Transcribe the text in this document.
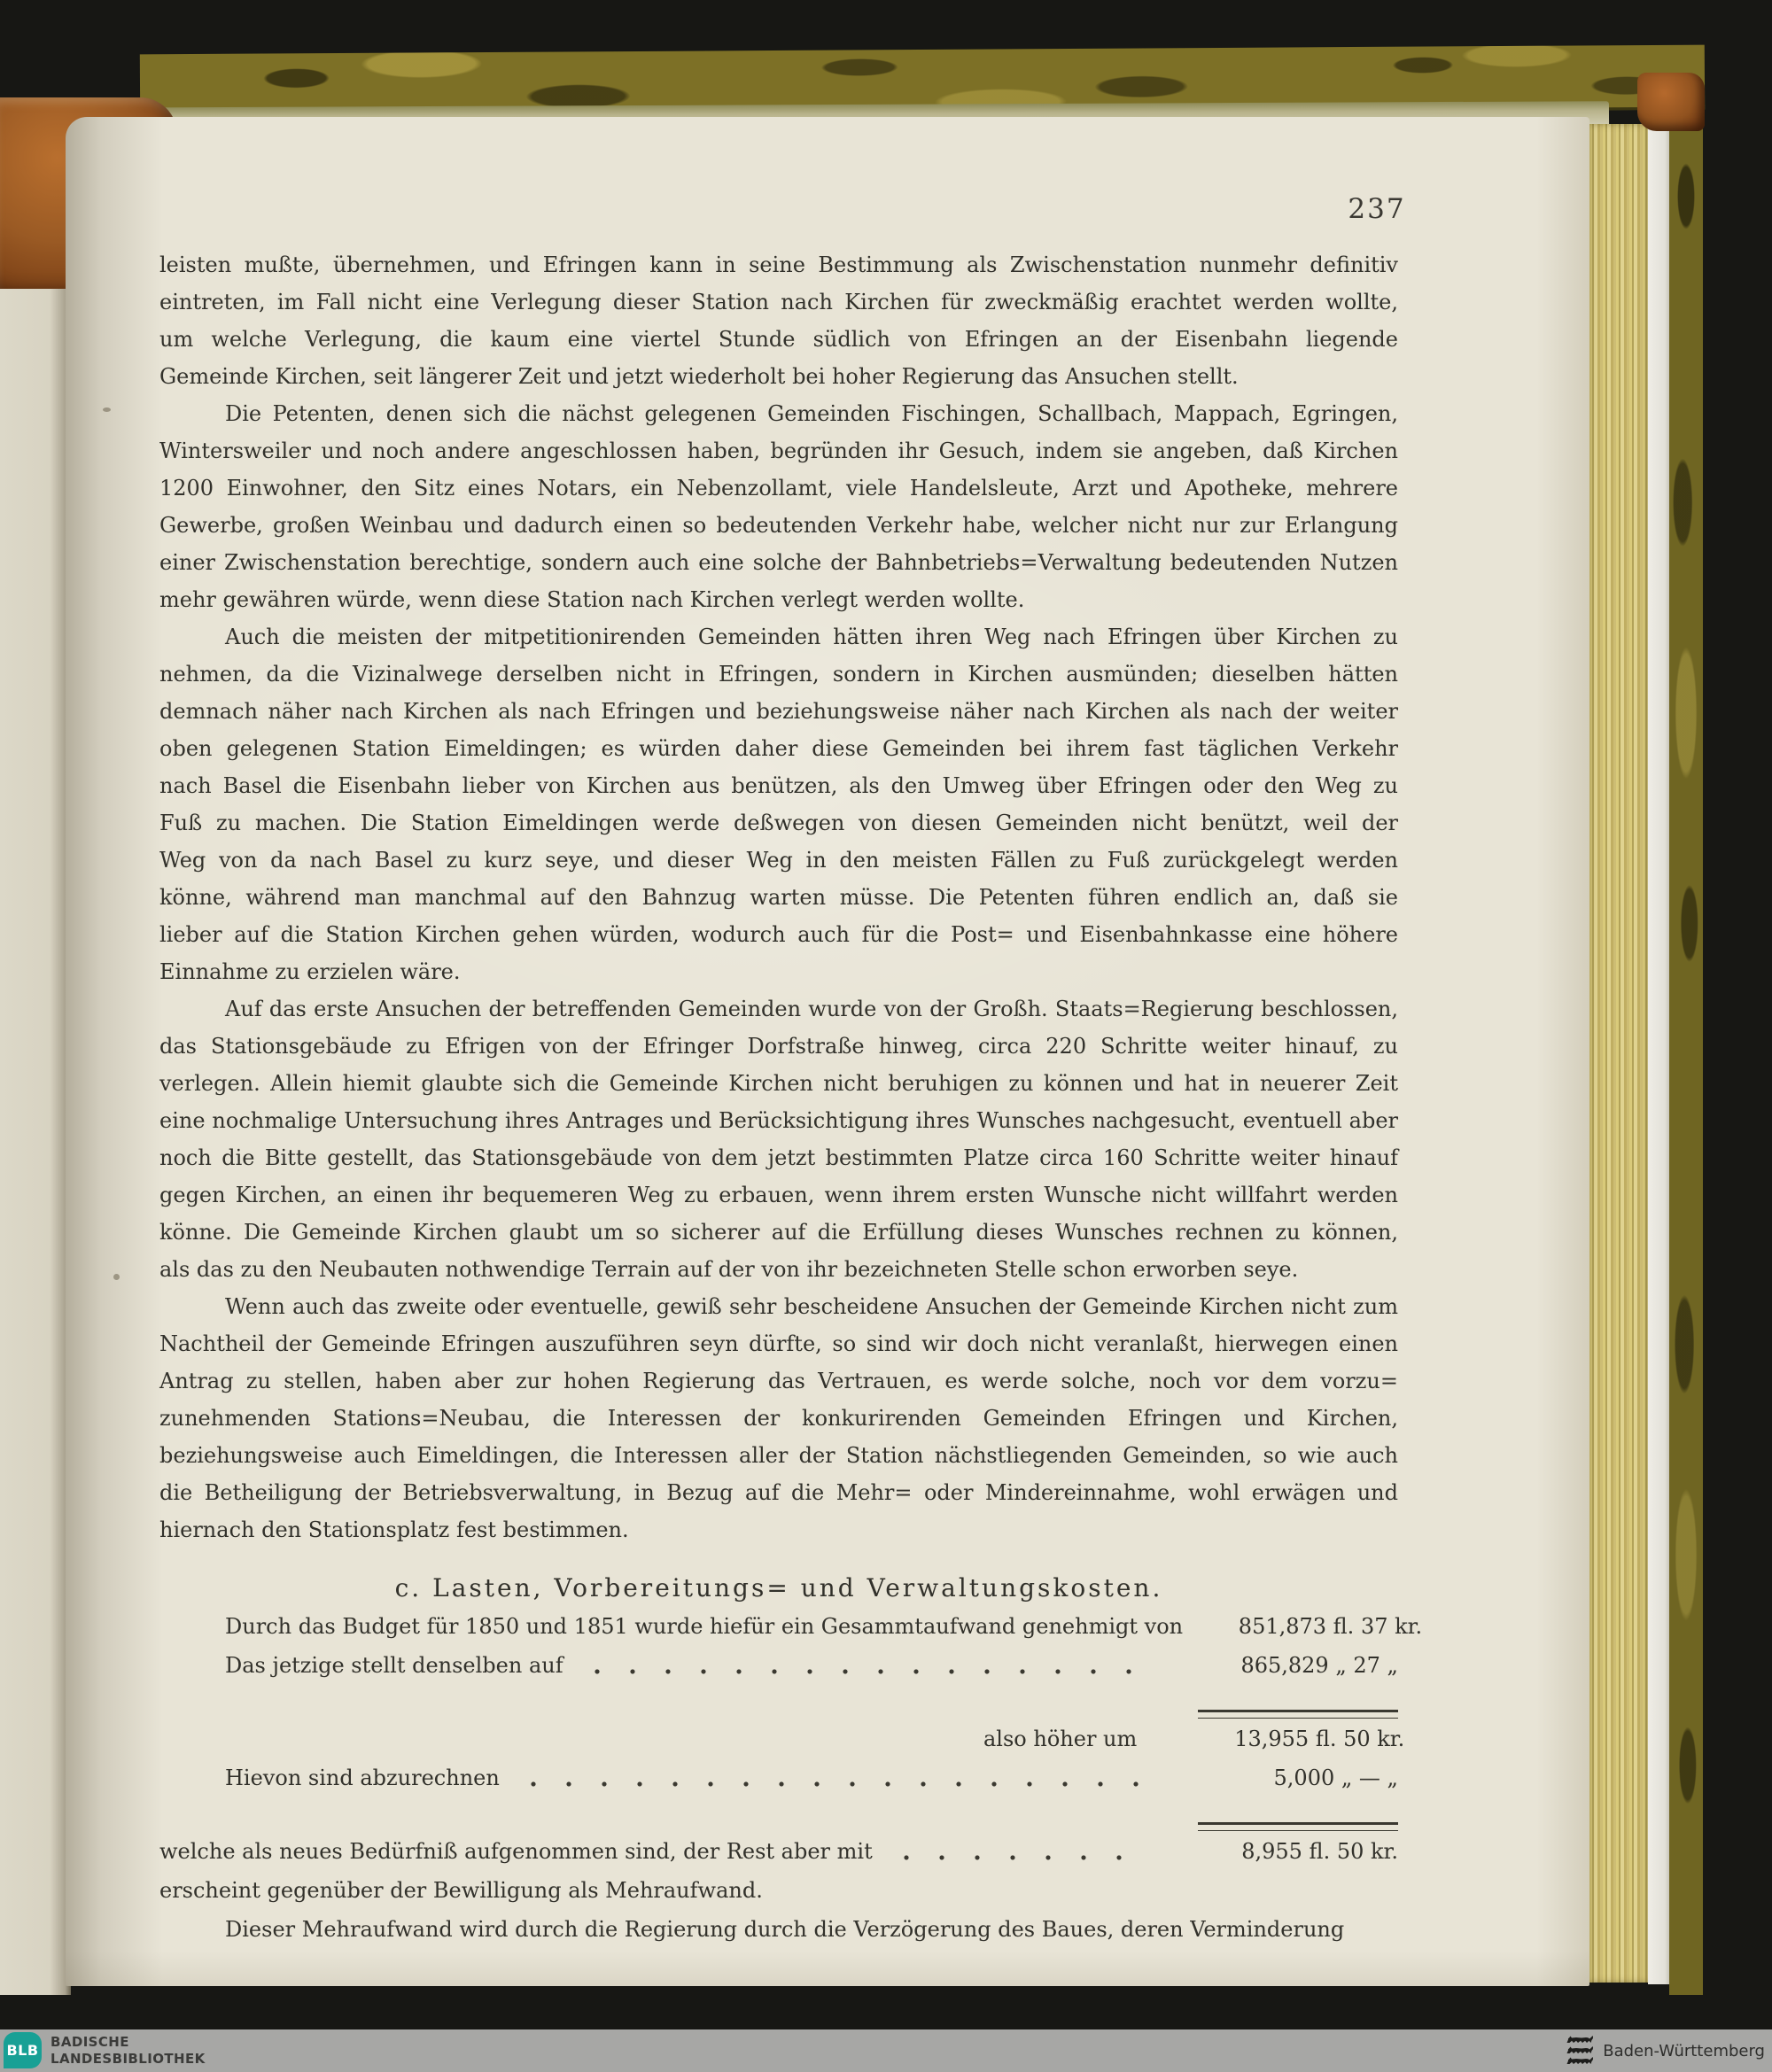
237
leisten mußte, übernehmen, und Efringen kann in seine Bestimmung als Zwischenstation nunmehr definitiv
eintreten, im Fall nicht eine Verlegung dieser Station nach Kirchen für zweckmäßig erachtet werden wollte,
um welche Verlegung, die kaum eine viertel Stunde südlich von Efringen an der Eisenbahn liegende
Gemeinde Kirchen, seit längerer Zeit und jetzt wiederholt bei hoher Regierung das Ansuchen stellt.
Die Petenten, denen sich die nächst gelegenen Gemeinden Fischingen, Schallbach, Mappach, Egringen,
Wintersweiler und noch andere angeschlossen haben, begründen ihr Gesuch, indem sie angeben, daß Kirchen
1200 Einwohner, den Sitz eines Notars, ein Nebenzollamt, viele Handelsleute, Arzt und Apotheke, mehrere
Gewerbe, großen Weinbau und dadurch einen so bedeutenden Verkehr habe, welcher nicht nur zur Erlangung
einer Zwischenstation berechtige, sondern auch eine solche der Bahnbetriebs=Verwaltung bedeutenden Nutzen
mehr gewähren würde, wenn diese Station nach Kirchen verlegt werden wollte.
Auch die meisten der mitpetitionirenden Gemeinden hätten ihren Weg nach Efringen über Kirchen zu
nehmen, da die Vizinalwege derselben nicht in Efringen, sondern in Kirchen ausmünden; dieselben hätten
demnach näher nach Kirchen als nach Efringen und beziehungsweise näher nach Kirchen als nach der weiter
oben gelegenen Station Eimeldingen; es würden daher diese Gemeinden bei ihrem fast täglichen Verkehr
nach Basel die Eisenbahn lieber von Kirchen aus benützen, als den Umweg über Efringen oder den Weg zu
Fuß zu machen. Die Station Eimeldingen werde deßwegen von diesen Gemeinden nicht benützt, weil der
Weg von da nach Basel zu kurz seye, und dieser Weg in den meisten Fällen zu Fuß zurückgelegt werden
könne, während man manchmal auf den Bahnzug warten müsse. Die Petenten führen endlich an, daß sie
lieber auf die Station Kirchen gehen würden, wodurch auch für die Post= und Eisenbahnkasse eine höhere
Einnahme zu erzielen wäre.
Auf das erste Ansuchen der betreffenden Gemeinden wurde von der Großh. Staats=Regierung beschlossen,
das Stationsgebäude zu Efrigen von der Efringer Dorfstraße hinweg, circa 220 Schritte weiter hinauf, zu
verlegen. Allein hiemit glaubte sich die Gemeinde Kirchen nicht beruhigen zu können und hat in neuerer Zeit
eine nochmalige Untersuchung ihres Antrages und Berücksichtigung ihres Wunsches nachgesucht, eventuell aber
noch die Bitte gestellt, das Stationsgebäude von dem jetzt bestimmten Platze circa 160 Schritte weiter hinauf
gegen Kirchen, an einen ihr bequemeren Weg zu erbauen, wenn ihrem ersten Wunsche nicht willfahrt werden
könne. Die Gemeinde Kirchen glaubt um so sicherer auf die Erfüllung dieses Wunsches rechnen zu können,
als das zu den Neubauten nothwendige Terrain auf der von ihr bezeichneten Stelle schon erworben seye.
Wenn auch das zweite oder eventuelle, gewiß sehr bescheidene Ansuchen der Gemeinde Kirchen nicht zum
Nachtheil der Gemeinde Efringen auszuführen seyn dürfte, so sind wir doch nicht veranlaßt, hierwegen einen
Antrag zu stellen, haben aber zur hohen Regierung das Vertrauen, es werde solche, noch vor dem vorzu=
zunehmenden Stations=Neubau, die Interessen der konkurirenden Gemeinden Efringen und Kirchen,
beziehungsweise auch Eimeldingen, die Interessen aller der Station nächstliegenden Gemeinden, so wie auch
die Betheiligung der Betriebsverwaltung, in Bezug auf die Mehr= oder Mindereinnahme, wohl erwägen und
hiernach den Stationsplatz fest bestimmen.
c. Lasten, Vorbereitungs= und Verwaltungskosten.
Durch das Budget für 1850 und 1851 wurde hiefür ein Gesammtaufwand genehmigt von	851,873 fl. 37 kr.
Das jetzige stellt denselben auf	865,829 „ 27 „
also höher um	13,955 fl. 50 kr.
Hievon sind abzurechnen	5,000 „ — „
welche als neues Bedürfniß aufgenommen sind, der Rest aber mit	8,955 fl. 50 kr.
erscheint gegenüber der Bewilligung als Mehraufwand.
Dieser Mehraufwand wird durch die Regierung durch die Verzögerung des Baues, deren Verminderung
BLB BADISCHE
LANDESBIBLIOTHEK	Baden-Württemberg
